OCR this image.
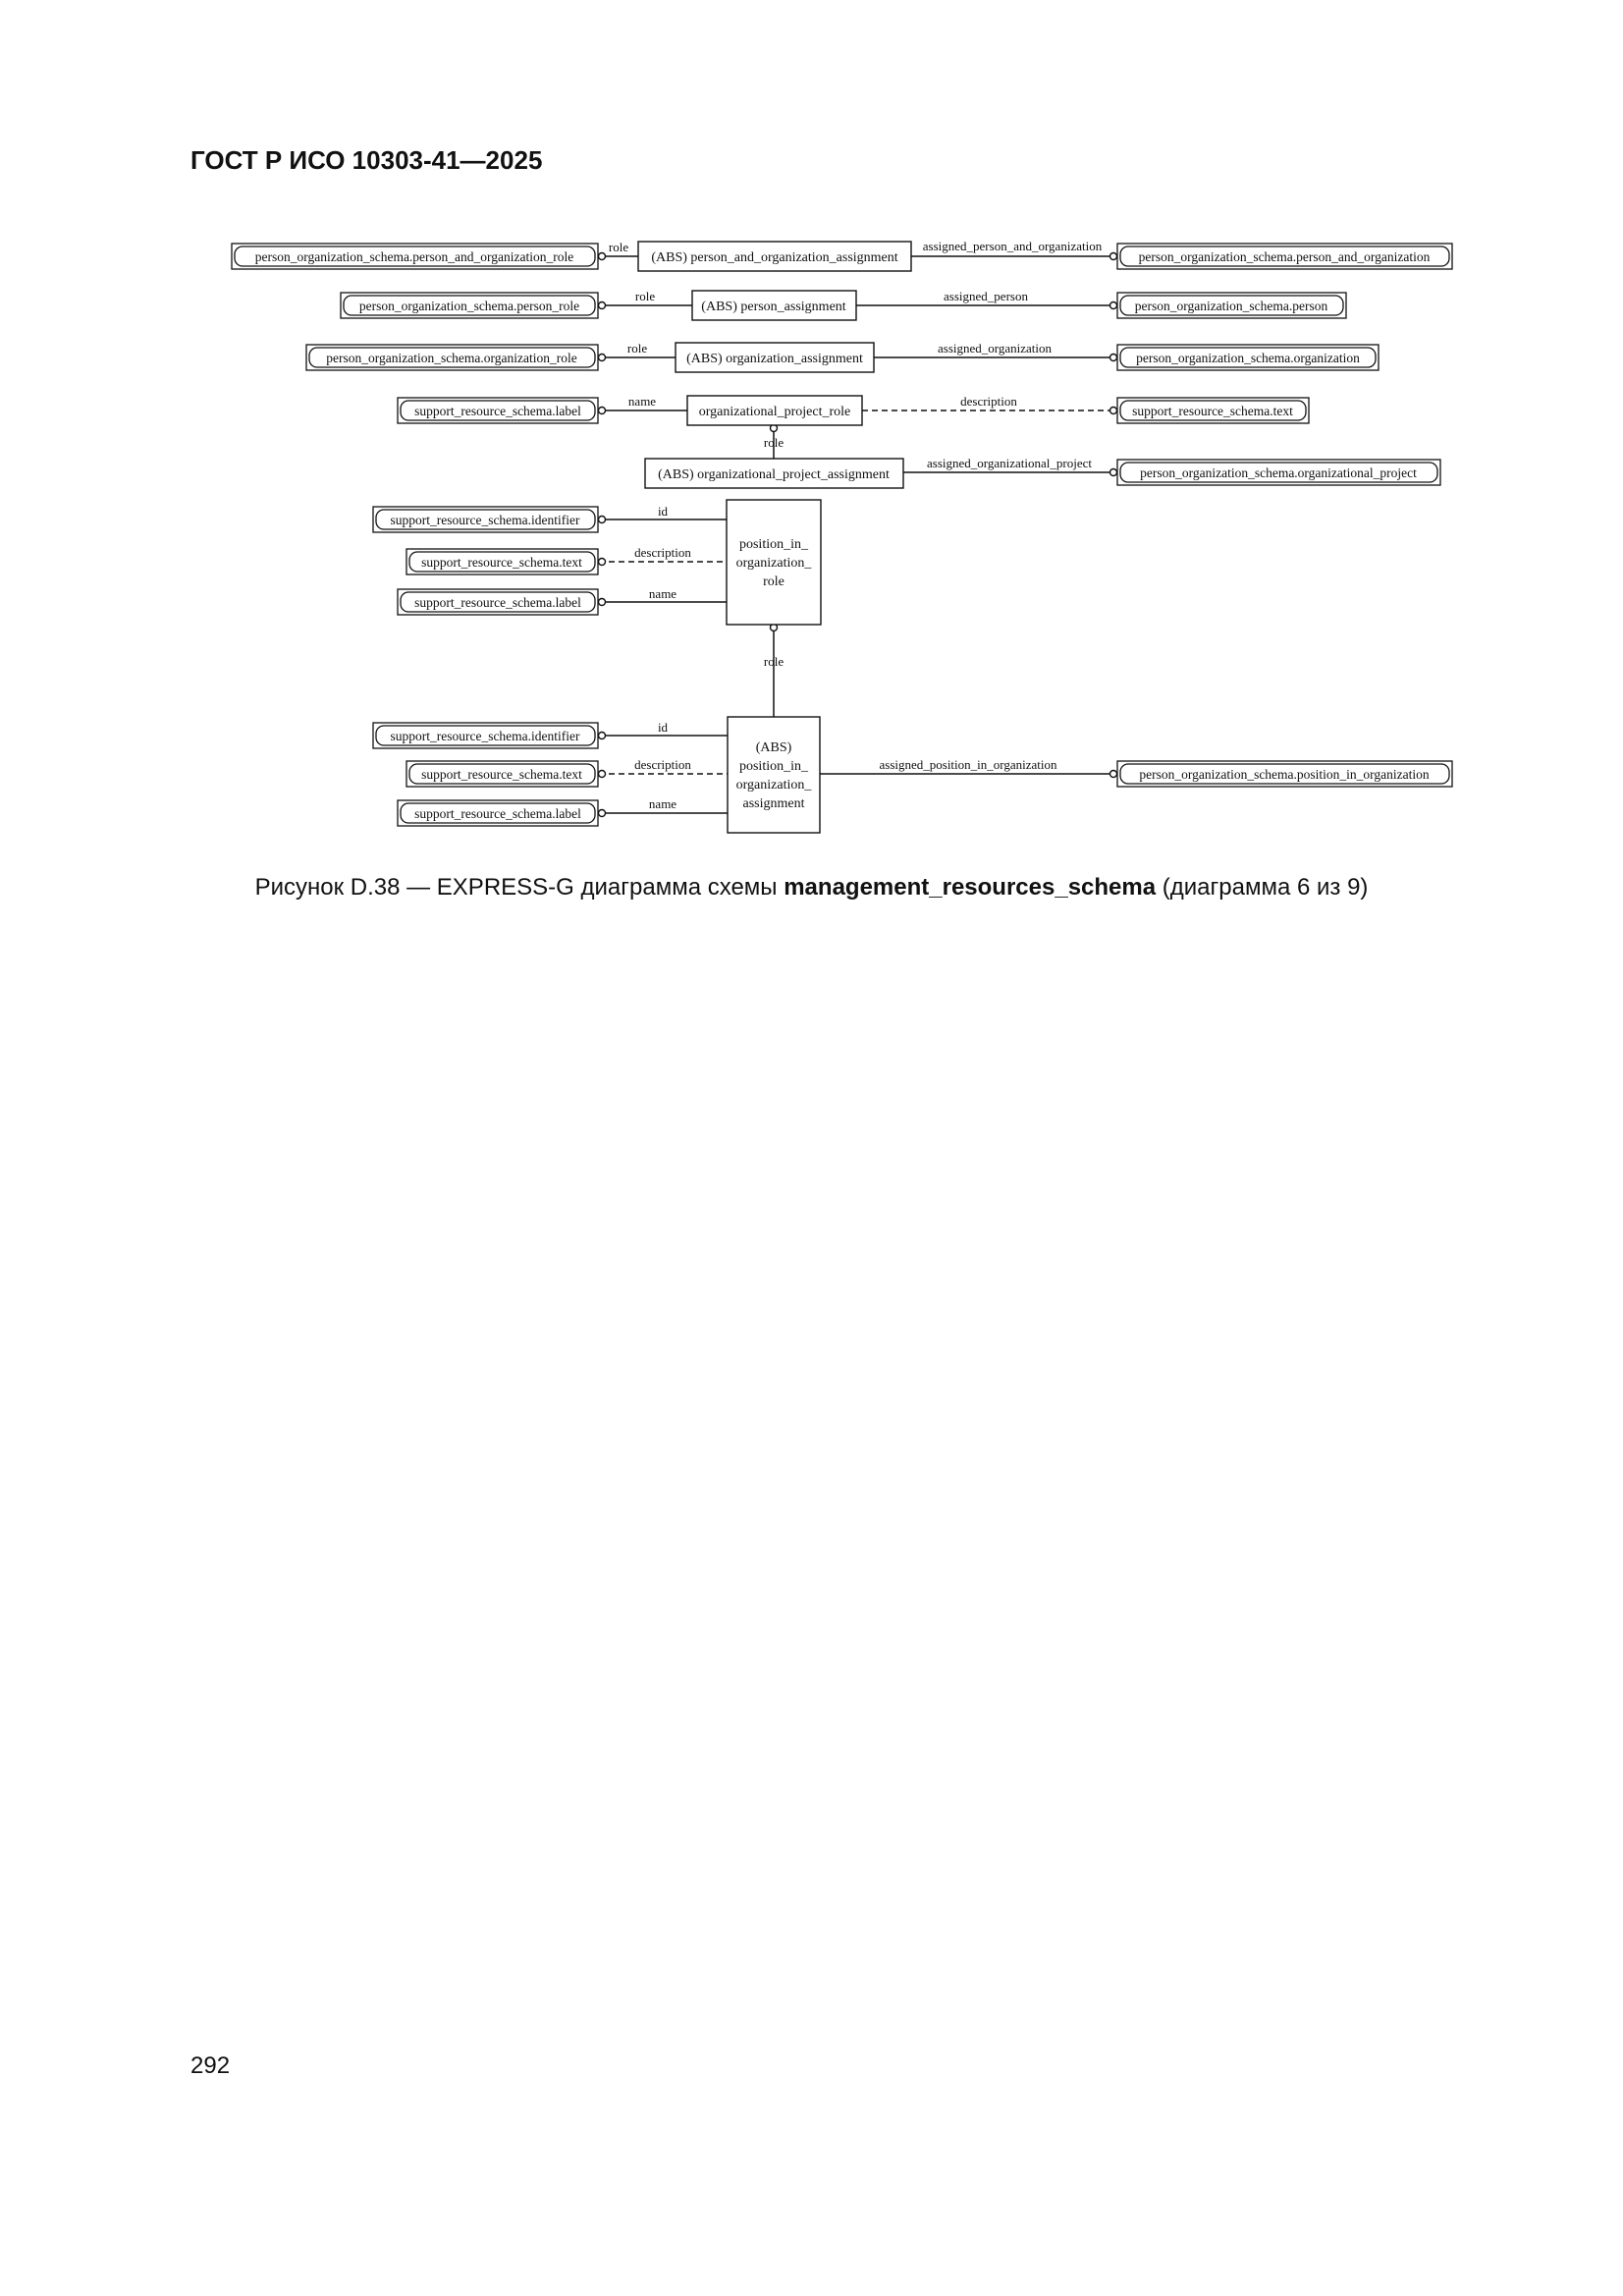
ГОСТ Р ИСО 10303-41—2025
(ABS) person_and_organization_assignment
(ABS) person_assignment
(ABS) organization_assignment
organizational_project_role
(ABS) organizational_project_assignment
position_in_
organization_
role
(ABS)
position_in_
organization_
assignment
person_organization_schema.person_and_organization_role	person_organization_schema.person_and_organization
person_organization_schema.person_role	person_organization_schema.person
person_organization_schema.organization_role	person_organization_schema.organization
support_resource_schema.label	support_resource_schema.text
person_organization_schema.organizational_project
support_resource_schema.identifier
support_resource_schema.text
support_resource_schema.label
support_resource_schema.identifier
support_resource_schema.text
support_resource_schema.label
person_organization_schema.position_in_organization
role	assigned_person_and_organization
role	assigned_person
role	assigned_organization
name	description
role
assigned_organizational_project
id
description
name
role
id
description
name
assigned_position_in_organization
Рисунок D.38 — EXPRESS-G диаграмма схемы management_resources_schema (диаграмма 6 из 9)
292
